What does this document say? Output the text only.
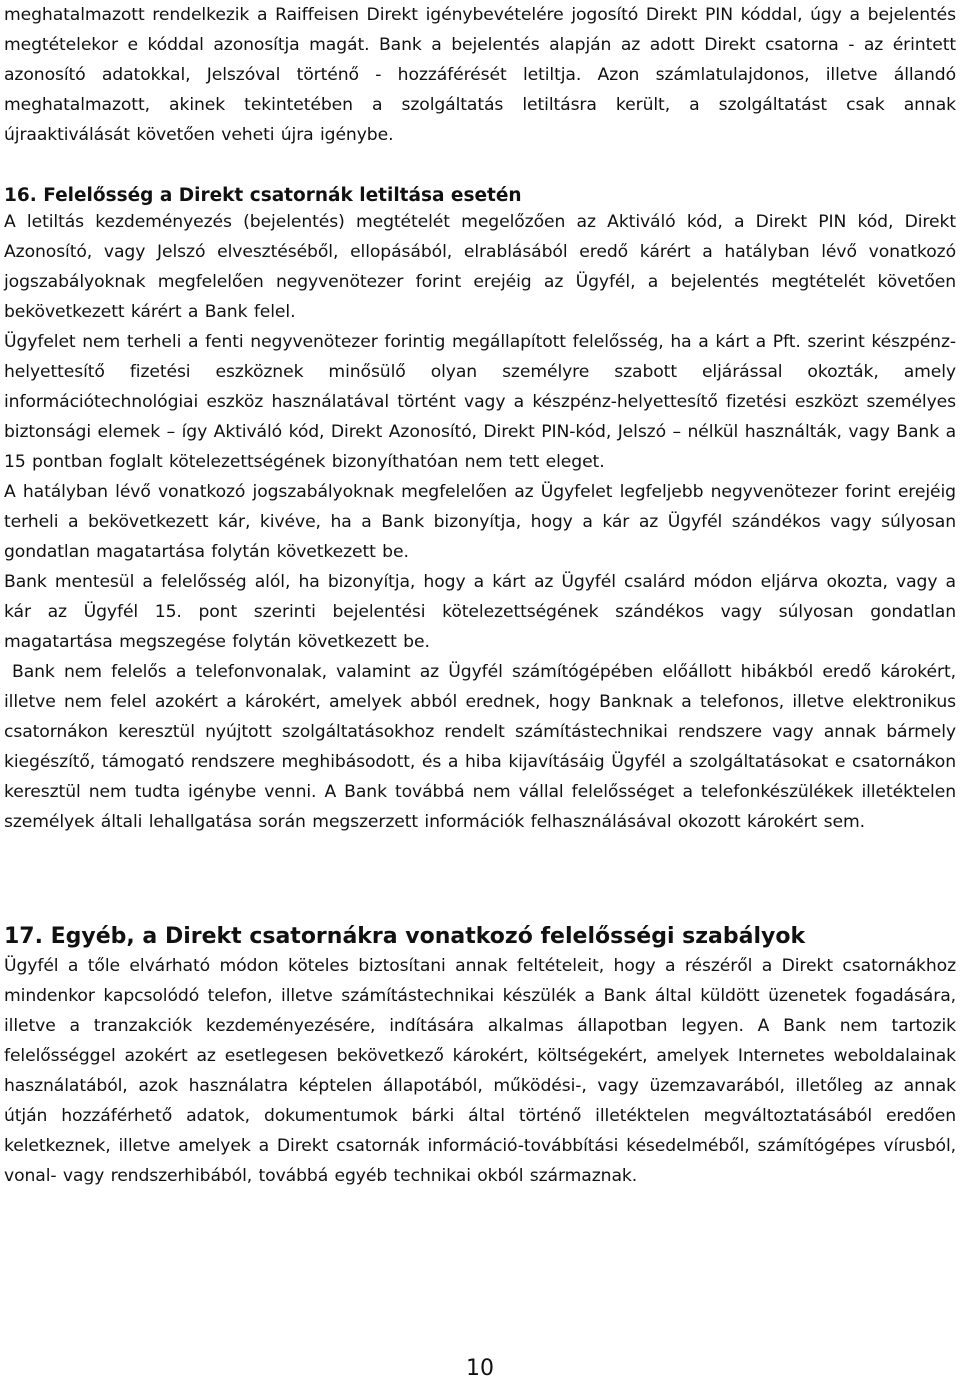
meghatalmazott rendelkezik a Raiffeisen Direkt igénybevételére jogosító Direkt PIN kóddal, úgy a bejelentés megtételekor e kóddal azonosítja magát. Bank a bejelentés alapján az adott Direkt csatorna - az érintett azonosító adatokkal, Jelszóval történő - hozzáférését letiltja. Azon számlatulajdonos, illetve állandó meghatalmazott, akinek tekintetében a szolgáltatás letiltásra került, a szolgáltatást csak annak újraaktiválását követően veheti újra igénybe.

16. Felelősség a Direkt csatornák letiltása esetén

A letiltás kezdeményezés (bejelentés) megtételét megelőzően az Aktiváló kód, a Direkt PIN kód, Direkt Azonosító, vagy Jelszó elvesztéséből, ellopásából, elrablásából eredő kárért a hatályban lévő vonatkozó jogszabályoknak megfelelően negyvenötezer forint erejéig az Ügyfél, a bejelentés megtételét követően bekövetkezett kárért a Bank felel.

Ügyfelet nem terheli a fenti negyvenötezer forintig megállapított felelősség, ha a kárt a Pft. szerint készpénz-helyettesítő fizetési eszköznek minősülő olyan személyre szabott eljárással okozták, amely információtechnológiai eszköz használatával történt vagy a készpénz-helyettesítő fizetési eszközt személyes biztonsági elemek – így Aktiváló kód, Direkt Azonosító, Direkt PIN-kód, Jelszó – nélkül használták, vagy Bank a 15 pontban foglalt kötelezettségének bizonyíthatóan nem tett eleget.

A hatályban lévő vonatkozó jogszabályoknak megfelelően az Ügyfelet legfeljebb negyvenötezer forint erejéig terheli a bekövetkezett kár, kivéve, ha a Bank bizonyítja, hogy a kár az Ügyfél szándékos vagy súlyosan gondatlan magatartása folytán következett be.

Bank mentesül a felelősség alól, ha bizonyítja, hogy a kárt az Ügyfél csalárd módon eljárva okozta, vagy a kár az Ügyfél 15. pont szerinti bejelentési kötelezettségének szándékos vagy súlyosan gondatlan magatartása megszegése folytán következett be.

Bank nem felelős a telefonvonalak, valamint az Ügyfél számítógépében előállott hibákból eredő károkért, illetve nem felel azokért a károkért, amelyek abból erednek, hogy Banknak a telefonos, illetve elektronikus csatornákon keresztül nyújtott szolgáltatásokhoz rendelt számítástechnikai rendszere vagy annak bármely kiegészítő, támogató rendszere meghibásodott, és a hiba kijavításáig Ügyfél a szolgáltatásokat e csatornákon keresztül nem tudta igénybe venni. A Bank továbbá nem vállal felelősséget a telefonkészülékek illetéktelen személyek általi lehallgatása során megszerzett információk felhasználásával okozott károkért sem.

17. Egyéb, a Direkt csatornákra vonatkozó felelősségi szabályok

Ügyfél a tőle elvárható módon köteles biztosítani annak feltételeit, hogy a részéről a Direkt csatornákhoz mindenkor kapcsolódó telefon, illetve számítástechnikai készülék a Bank által küldött üzenetek fogadására, illetve a tranzakciók kezdeményezésére, indítására alkalmas állapotban legyen. A Bank nem tartozik felelősséggel azokért az esetlegesen bekövetkező károkért, költségekért, amelyek Internetes weboldalainak használatából, azok használatra képtelen állapotából, működési-, vagy üzemzavarából, illetőleg az annak útján hozzáférhető adatok, dokumentumok bárki által történő illetéktelen megváltoztatásából eredően keletkeznek, illetve amelyek a Direkt csatornák információ-továbbítási késedelméből, számítógépes vírusból, vonal- vagy rendszerhibából, továbbá egyéb technikai okból származnak.

10
